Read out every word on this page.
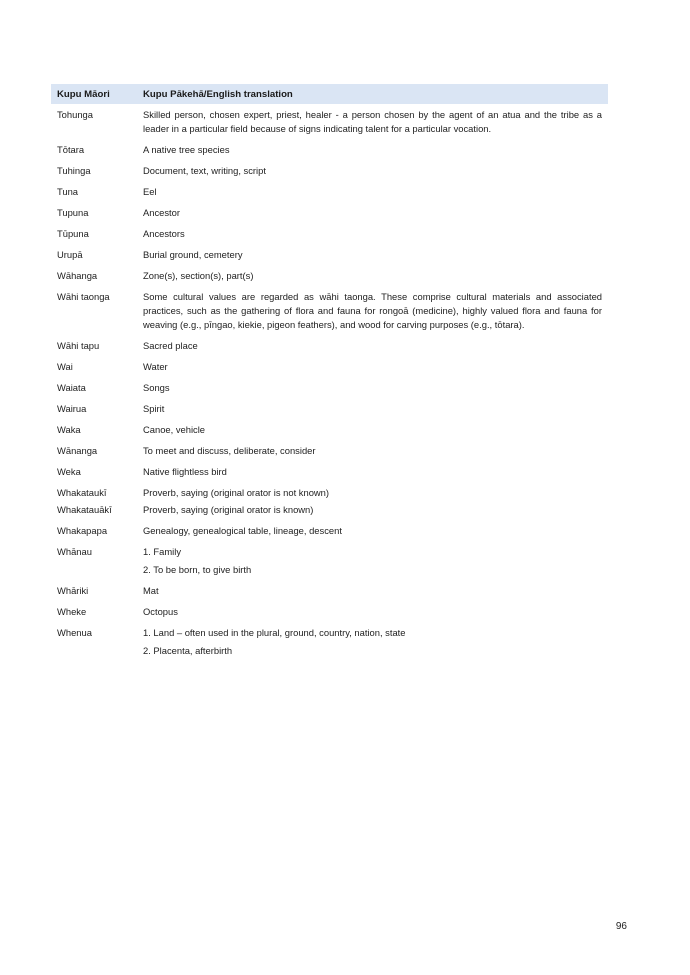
Kupu Māori	Kupu Pākehā/English translation
Tohunga	Skilled person, chosen expert, priest, healer - a person chosen by the agent of an atua and the tribe as a leader in a particular field because of signs indicating talent for a particular vocation.
Tōtara	A native tree species
Tuhinga	Document, text, writing, script
Tuna	Eel
Tupuna	Ancestor
Tūpuna	Ancestors
Urupā	Burial ground, cemetery
Wāhanga	Zone(s), section(s), part(s)
Wāhi taonga	Some cultural values are regarded as wāhi taonga. These comprise cultural materials and associated practices, such as the gathering of flora and fauna for rongoā (medicine), highly valued flora and fauna for weaving (e.g., pīngao, kiekie, pigeon feathers), and wood for carving purposes (e.g., tōtara).
Wāhi tapu	Sacred place
Wai	Water
Waiata	Songs
Wairua	Spirit
Waka	Canoe, vehicle
Wānanga	To meet and discuss, deliberate, consider
Weka	Native flightless bird
Whakataukī	Proverb, saying (original orator is not known)
Whakatauākī	Proverb, saying (original orator is known)
Whakapapa	Genealogy, genealogical table, lineage, descent
Whānau	1. Family
2. To be born, to give birth
Whāriki	Mat
Wheke	Octopus
Whenua	1. Land – often used in the plural, ground, country, nation, state
2. Placenta, afterbirth
96
